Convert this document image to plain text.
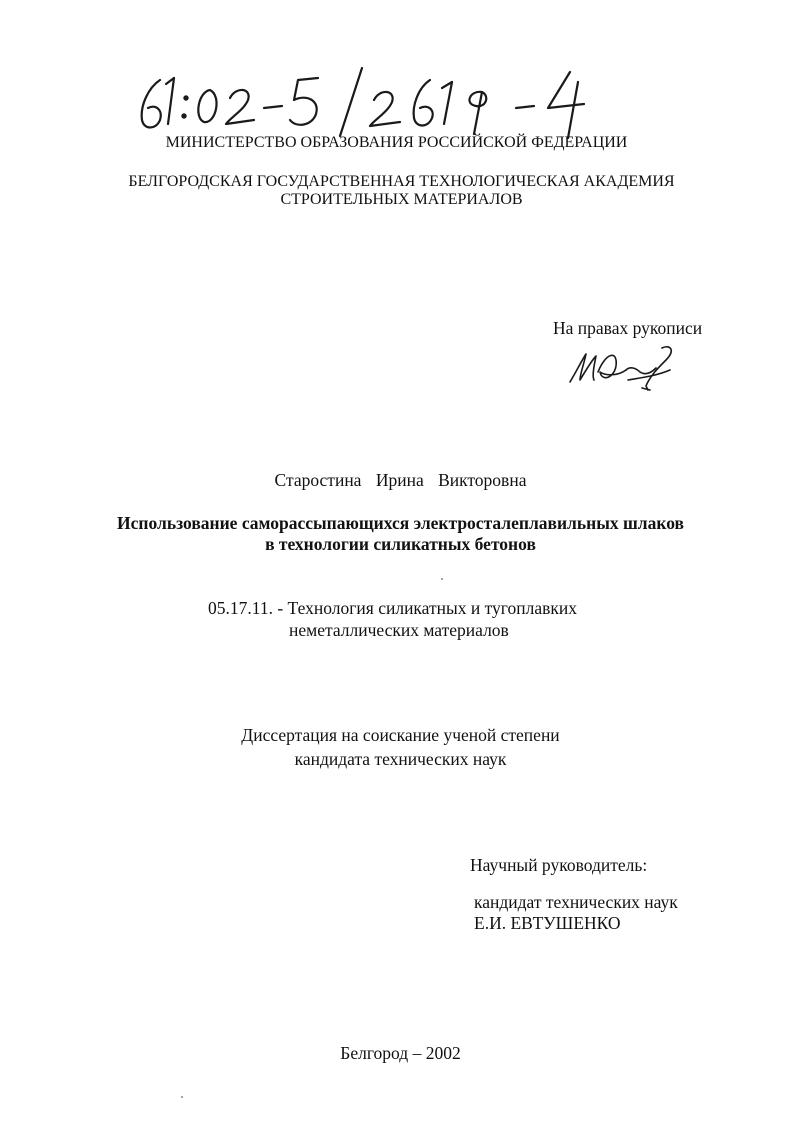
МИНИСТЕРСТВО ОБРАЗОВАНИЯ РОССИЙСКОЙ ФЕДЕРАЦИИ
БЕЛГОРОДСКАЯ ГОСУДАРСТВЕННАЯ ТЕХНОЛОГИЧЕСКАЯ АКАДЕМИЯ
СТРОИТЕЛЬНЫХ МАТЕРИАЛОВ
На правах рукописи
Старостина Ирина Викторовна
Использование саморассыпающихся электросталеплавильных шлаков
в технологии силикатных бетонов
05.17.11. - Технология силикатных и тугоплавких
неметаллических материалов
Диссертация на соискание ученой степени
кандидата технических наук
Научный руководитель:
кандидат технических наук
Е.И. ЕВТУШЕНКО
Белгород – 2002
